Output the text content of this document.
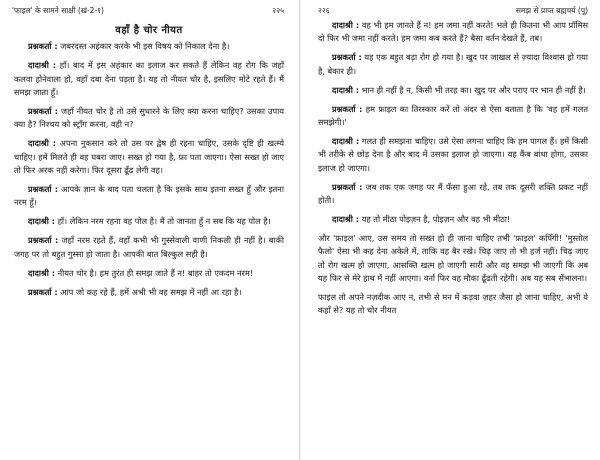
'फाइल' के सामने साक्षी (खं-2-१)	२२५
वहाँ है चोर नीयत

प्रश्नकर्ता : जबरदस्त अहंकार करके भी इस विषय को निकाल देना है।

दादाश्री : हाँ। बाद में इस अहंकार का इलाज कर सकते हैं लेकिन वह रोग कि जहाँ कलवा होनेवाला हो, वहाँ दबा देना पड़ता है। यह तो नीयत चोर है, इसलिए मोटे रहते हैं। मैं समझ जाता हूँ।

प्रश्नकर्ता : जहाँ नीयत चोर है तो उसे सुधारने के लिए क्या करना चाहिए? उसका उपाय क्या है? निश्चय को स्ट्रॉंग करना, वही न?

दादाश्री : अपना नुकसान करे तो उस पर द्वेष ही रहना चाहिए, उसके दृष्टि ही खत्म्ये चाहिए। हमें मिलते ही वह घबरा जाए। सख्त हो गया है, फ़ा पता जाएगा। ऐसा सख्त हो जाए तो फिर अरक नहीं करेगा। फिर दूसरा ढूँढ लेगी वह।

प्रश्नकर्ता : आपके ज्ञान के बाद पता चलता है कि इसके साथ इतना सख्त हूँ और इतना नरम हूँ।

दादाश्री : हाँ। लेकिन नरम रहना वह पोल है। मैं तो जानता हूँ न सब कि यह पोल है।

प्रश्नकर्ता : जहाँ नरम रहते हैं, वहाँ कभी भी गुस्सेवाली वाणी निकली ही नहीं है। बाकी जगह पर तो बहुत गुस्सा हो जाता है। आपकी बात बिल्कुल सही है।

दादाश्री : नीयत चोर है। हम तुरंत ही समझ जाते हैं न! बाहर तो एकदम नरम!

प्रश्नकर्ता : आप जो कह रहे हैं, हमें अभी भी वह समझ में नहीं आ रहा है।

२२६	समझ से प्राप्त ब्रह्मचर्य (पू)

दादाश्री : वह भी हम जानते हैं न! हम जमा नहीं करते! भले ही कितना भी आप प्रॉमिस दो फिर भी जमा नहीं करते। हम जमा कब करते हैं? बैसा वर्तन देखते हैं, तब।

प्रश्नकर्ता : यह एक बहुत बड़ा रोग हो गया है। खुद पर जाखल से ज़्यादा विश्वास हो गया है, बेकार ही।

दादाश्री : भान ही नहीं है न, किसी भी तरह का। खुद पर और पराए पर भान ही नहीं है।

प्रश्नकर्ता : हम फ़ाइल का तिरस्कार करें तो अंदर से ऐसा बताता है कि 'वह हमें गलत समझेगी।'

दादाश्री : गलत ही समझना चाहिए। उसे ऐसा लगना चाहिए कि हम पागल हैं। हमें किसी भी तरीके से छोड़ देना है और बाद में उसका इलाज हो जाएगा। यह कैंब बांधा होगा, उसका इलाज हो जाएगा।

प्रश्नकर्ता : जब तक एक जगह पर मैं फँसा हुआ रहे, तब तक दूसरी शक्ति प्रकट नहीं होती।

दादाश्री : यह तो मीठा पोइज़न है, पोइज़न और वह भी मीठा!

और 'फ़ाइल' आए, उस समय तो सख्त हो ही जाना चाहिए तभी 'फ़ाइल' कपिँगी! 'मुस्तोल फैलो' ऐसा भी कह देना अकेले में, ताकि वह बैर रखे। चिढ़ जाए तो भी हर्ज नहीं। चिढ़ जाए तो रोग खत्म हो जाएगा, आसक्ति खत्म हो जाएगी सारी और वह समझ भी जाएगी कि अब यह फिर से मेरे हाथ में नहीं आएगा। वर्ना फिर वह मौका ढूँढती रहेगी। अब यह सब सँभालना।

फाइल तो अपने नज़दीक आए न, तभी से मन में कड़वा ज़हर जैसा हो जाना चाहिए, अभी ये कहाँ से? यह तो चोर नीयत
